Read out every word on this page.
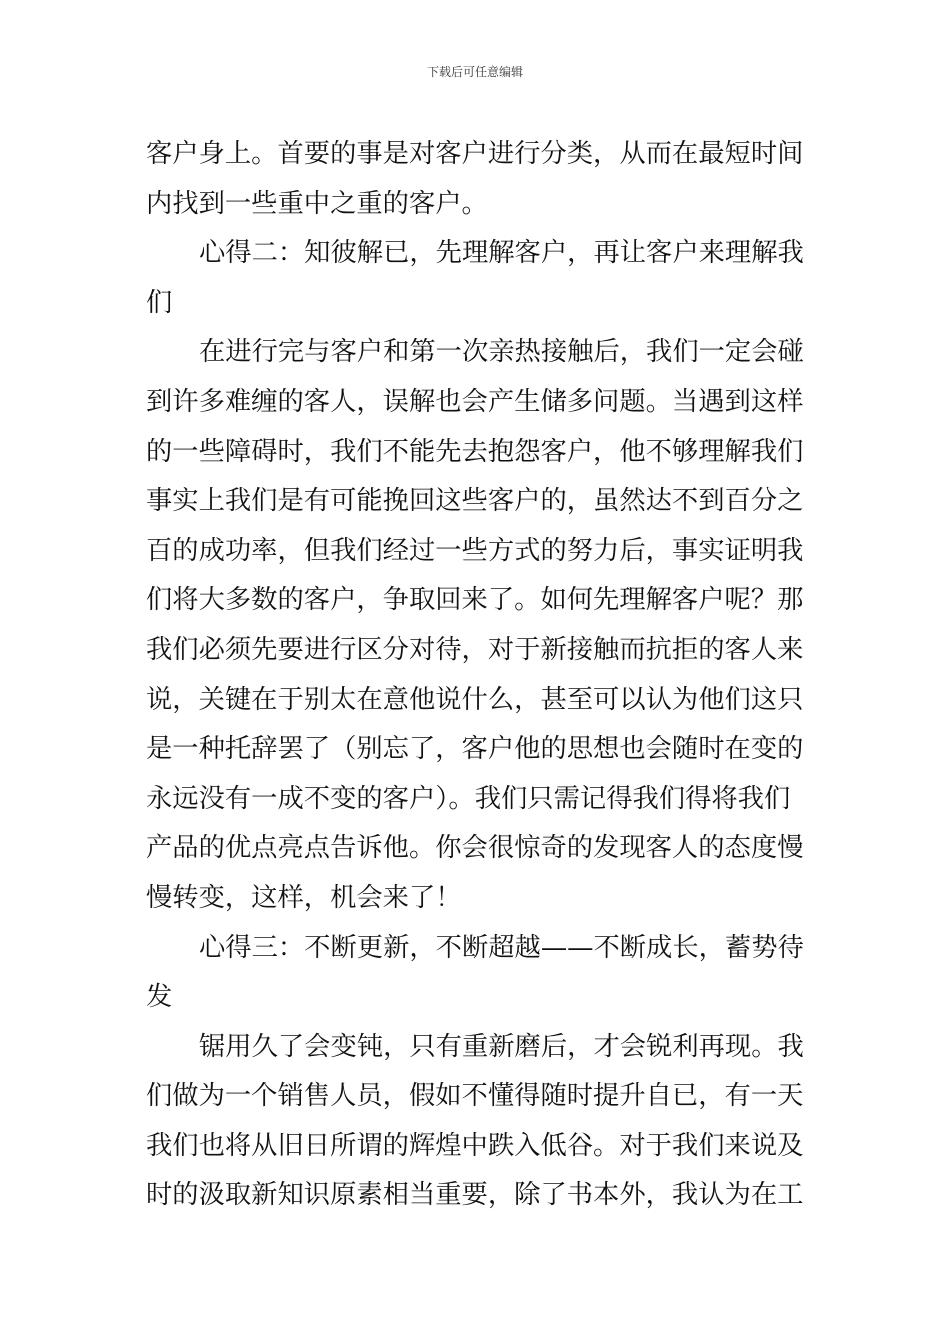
下载后可任意编辑
客户身上。首要的事是对客户进行分类，从而在最短时间
内找到一些重中之重的客户。
心得二：知彼解已，先理解客户，再让客户来理解我
们
在进行完与客户和第一次亲热接触后，我们一定会碰
到许多难缠的客人，误解也会产生储多问题。当遇到这样
的一些障碍时，我们不能先去抱怨客户，他不够理解我们
事实上我们是有可能挽回这些客户的，虽然达不到百分之
百的成功率，但我们经过一些方式的努力后，事实证明我
们将大多数的客户，争取回来了。如何先理解客户呢？那
我们必须先要进行区分对待，对于新接触而抗拒的客人来
说，关键在于别太在意他说什么，甚至可以认为他们这只
是一种托辞罢了（别忘了，客户他的思想也会随时在变的
永远没有一成不变的客户）。我们只需记得我们得将我们
产品的优点亮点告诉他。你会很惊奇的发现客人的态度慢
慢转变，这样，机会来了！
心得三：不断更新，不断超越——不断成长，蓄势待
发
锯用久了会变钝，只有重新磨后，才会锐利再现。我
们做为一个销售人员，假如不懂得随时提升自已，有一天
我们也将从旧日所谓的辉煌中跌入低谷。对于我们来说及
时的汲取新知识原素相当重要，除了书本外，我认为在工
